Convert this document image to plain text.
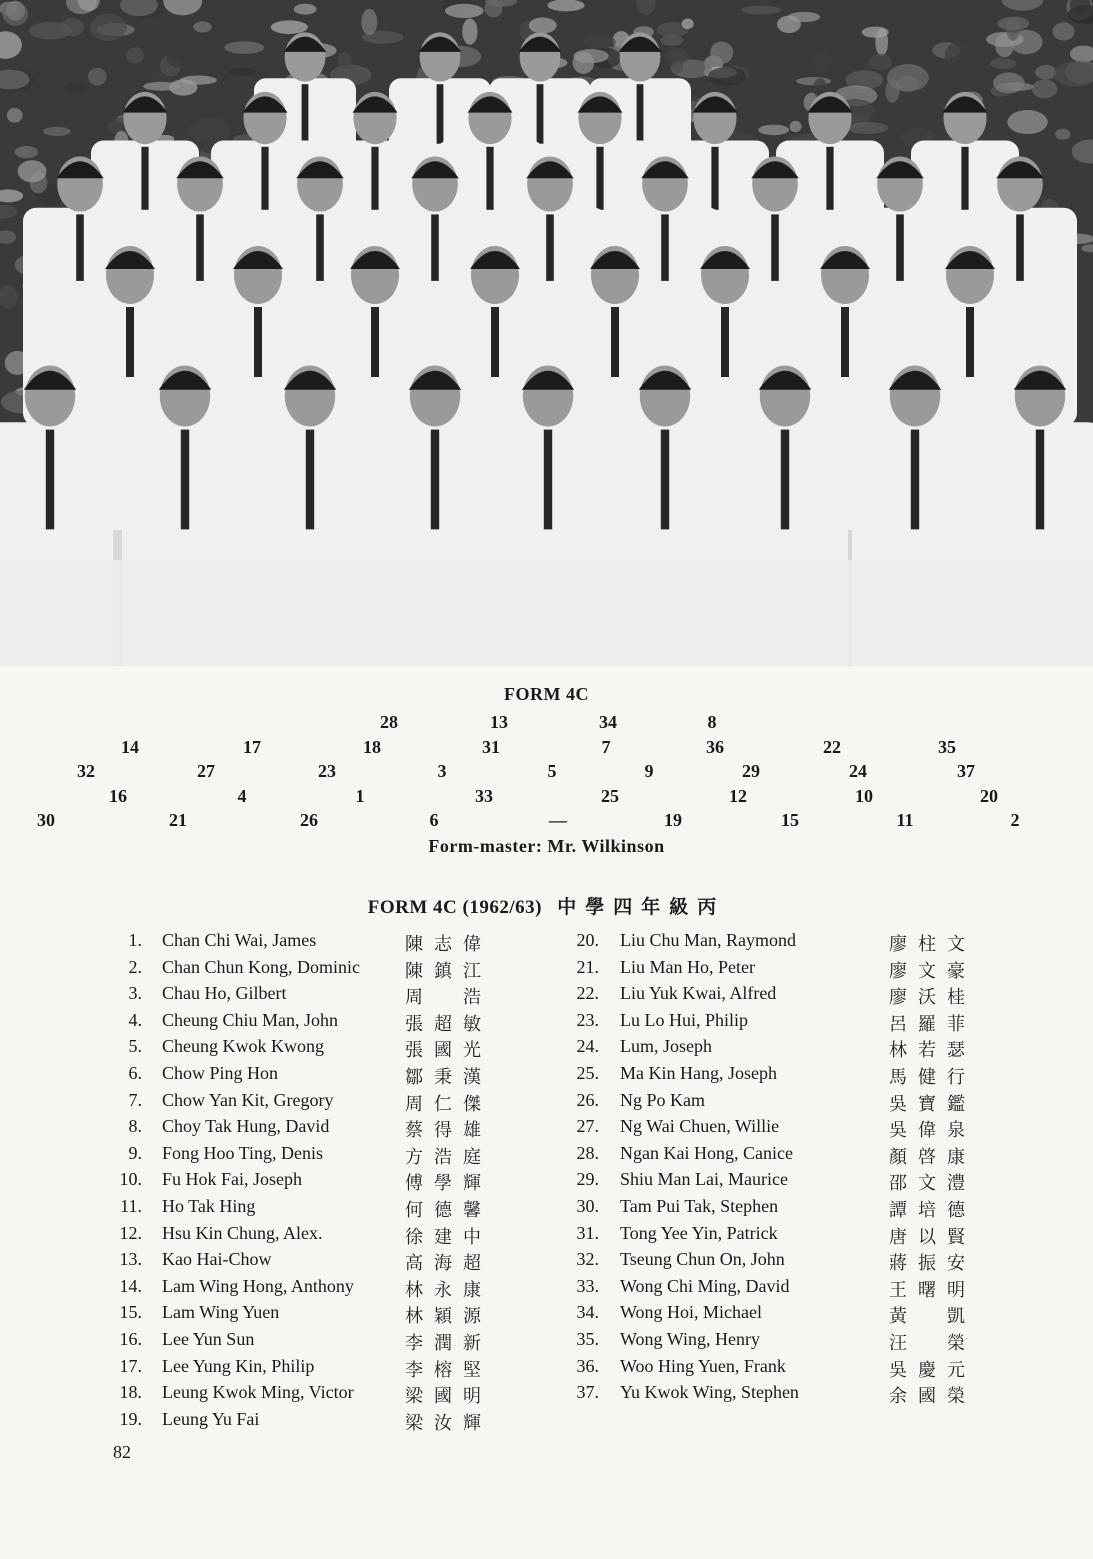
FORM 4C
28	13	34	8
14	17	18	31	7	36	22	35
32	27	23	3	5	9	29	24	37
16	4	1	33	25	12	10	20
30	21	26	6	—	19	15	11	2
Form-master: Mr. Wilkinson
FORM 4C (1962/63) 中學四年級丙
1. Chan Chi Wai, James	陳志偉
2. Chan Chun Kong, Dominic	陳鎮江
3. Chau Ho, Gilbert	周　浩
4. Cheung Chiu Man, John	張超敏
5. Cheung Kwok Kwong	張國光
6. Chow Ping Hon	鄒秉漢
7. Chow Yan Kit, Gregory	周仁傑
8. Choy Tak Hung, David	蔡得雄
9. Fong Hoo Ting, Denis	方浩庭
10. Fu Hok Fai, Joseph	傅學輝
11. Ho Tak Hing	何德馨
12. Hsu Kin Chung, Alex.	徐建中
13. Kao Hai-Chow	高海超
14. Lam Wing Hong, Anthony	林永康
15. Lam Wing Yuen	林穎源
16. Lee Yun Sun	李潤新
17. Lee Yung Kin, Philip	李榕堅
18. Leung Kwok Ming, Victor	梁國明
19. Leung Yu Fai	梁汝輝
20. Liu Chu Man, Raymond	廖柱文
21. Liu Man Ho, Peter	廖文豪
22. Liu Yuk Kwai, Alfred	廖沃桂
23. Lu Lo Hui, Philip	呂羅菲
24. Lum, Joseph	林若瑟
25. Ma Kin Hang, Joseph	馬健行
26. Ng Po Kam	吳寶鑑
27. Ng Wai Chuen, Willie	吳偉泉
28. Ngan Kai Hong, Canice	顏啓康
29. Shiu Man Lai, Maurice	邵文澧
30. Tam Pui Tak, Stephen	譚培德
31. Tong Yee Yin, Patrick	唐以賢
32. Tseung Chun On, John	蔣振安
33. Wong Chi Ming, David	王曙明
34. Wong Hoi, Michael	黃　凱
35. Wong Wing, Henry	汪　榮
36. Woo Hing Yuen, Frank	吳慶元
37. Yu Kwok Wing, Stephen	余國榮
82
